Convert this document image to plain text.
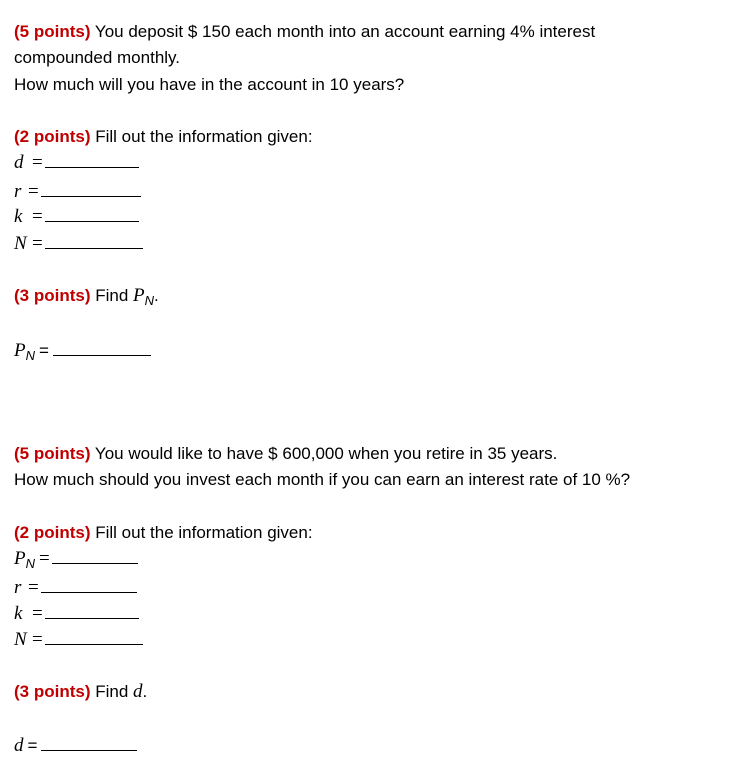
(5 points) You deposit $ 150 each month into an account earning 4% interest
compounded monthly.
How much will you have in the account in 10 years?
(2 points) Fill out the information given:
d =
r =
k =
N =
(3 points) Find $P_N$.
$P_N$ =
(5 points) You would like to have $ 600,000 when you retire in 35 years.
How much should you invest each month if you can earn an interest rate of 10 %?
(2 points) Fill out the information given:
$P_N$ =
r =
k =
N =
(3 points) Find d.
d =
